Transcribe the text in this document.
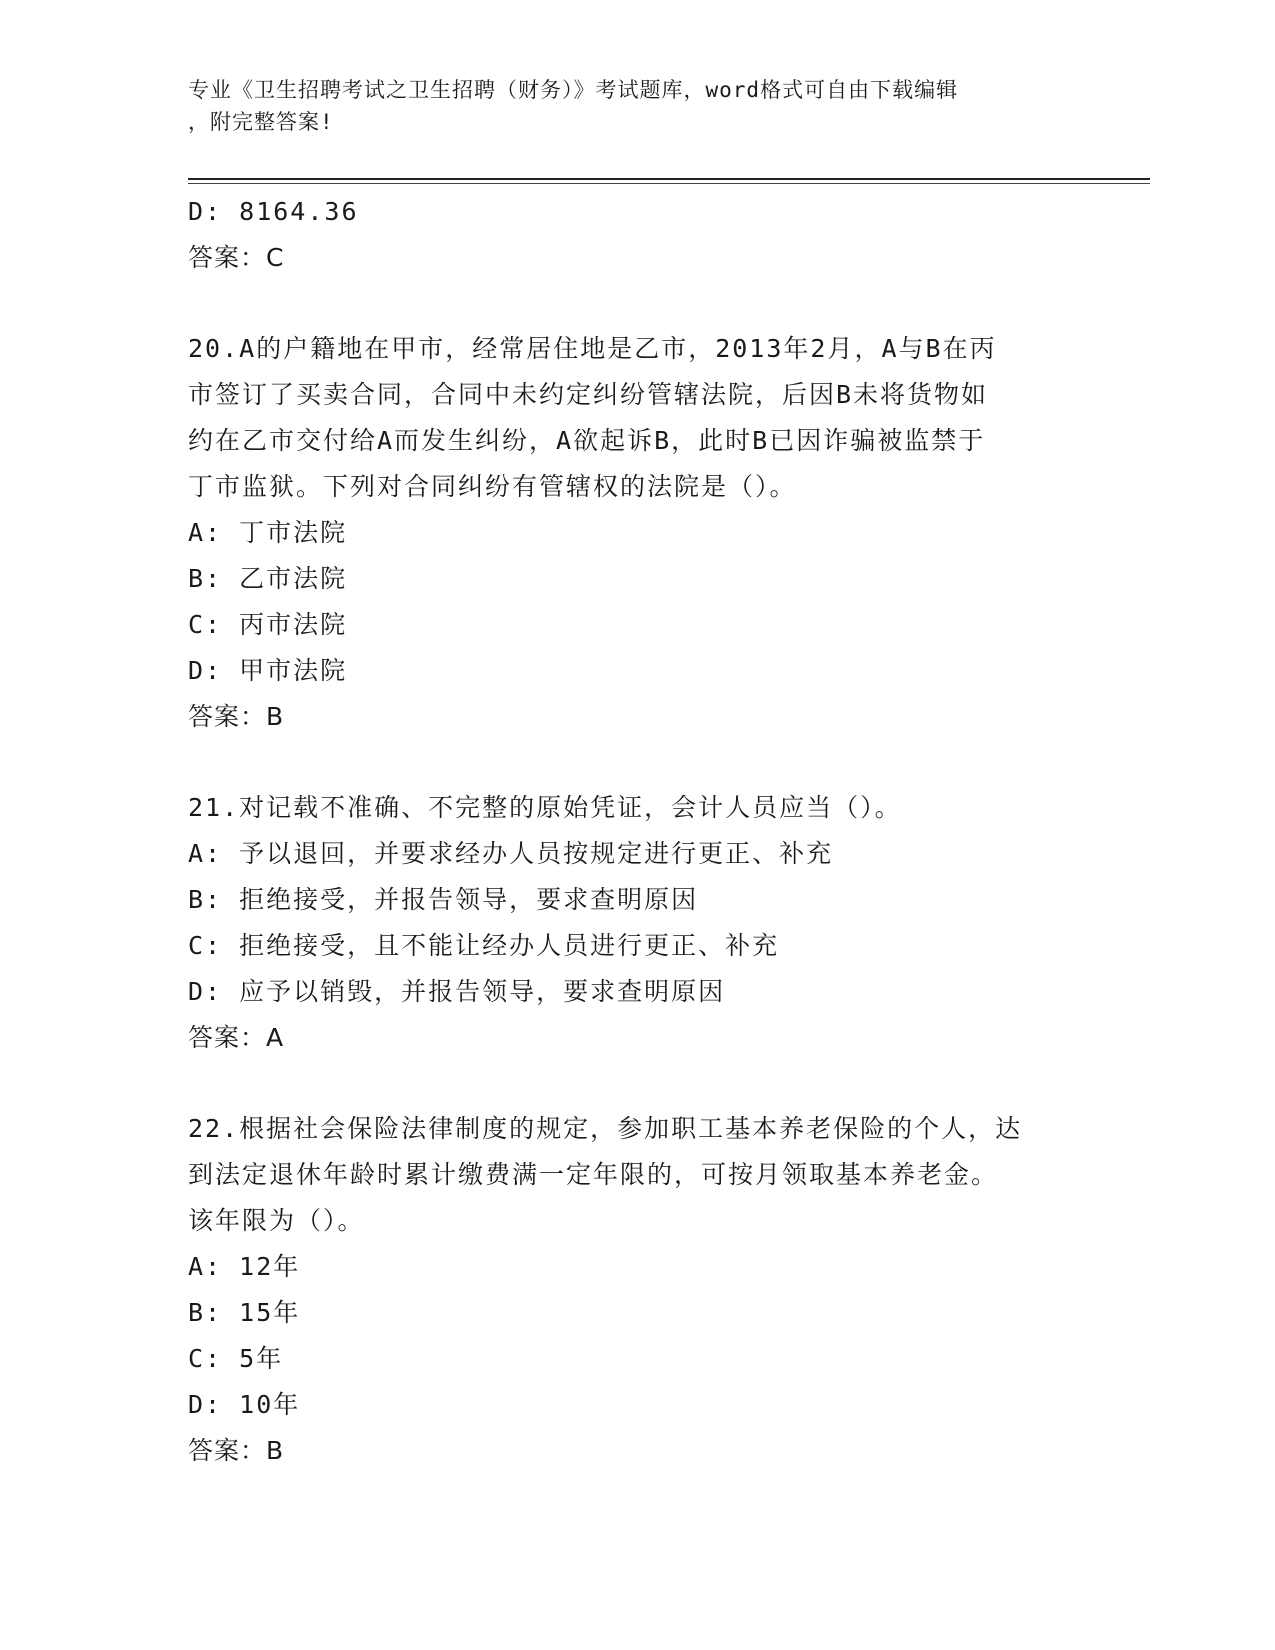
专业《卫生招聘考试之卫生招聘（财务）》考试题库，word格式可自由下载编辑
，附完整答案!
D: 8164.36
答案：C
20.A的户籍地在甲市，经常居住地是乙市，2013年2月，A与B在丙
市签订了买卖合同，合同中未约定纠纷管辖法院，后因B未将货物如
约在乙市交付给A而发生纠纷，A欲起诉B，此时B已因诈骗被监禁于
丁市监狱。下列对合同纠纷有管辖权的法院是（）。
A: 丁市法院
B: 乙市法院
C: 丙市法院
D: 甲市法院
答案：B
21.对记载不准确、不完整的原始凭证，会计人员应当（）。
A: 予以退回，并要求经办人员按规定进行更正、补充
B: 拒绝接受，并报告领导，要求查明原因
C: 拒绝接受，且不能让经办人员进行更正、补充
D: 应予以销毁，并报告领导，要求查明原因
答案：A
22.根据社会保险法律制度的规定，参加职工基本养老保险的个人，达
到法定退休年龄时累计缴费满一定年限的，可按月领取基本养老金。
该年限为（）。
A: 12年
B: 15年
C: 5年
D: 10年
答案：B
